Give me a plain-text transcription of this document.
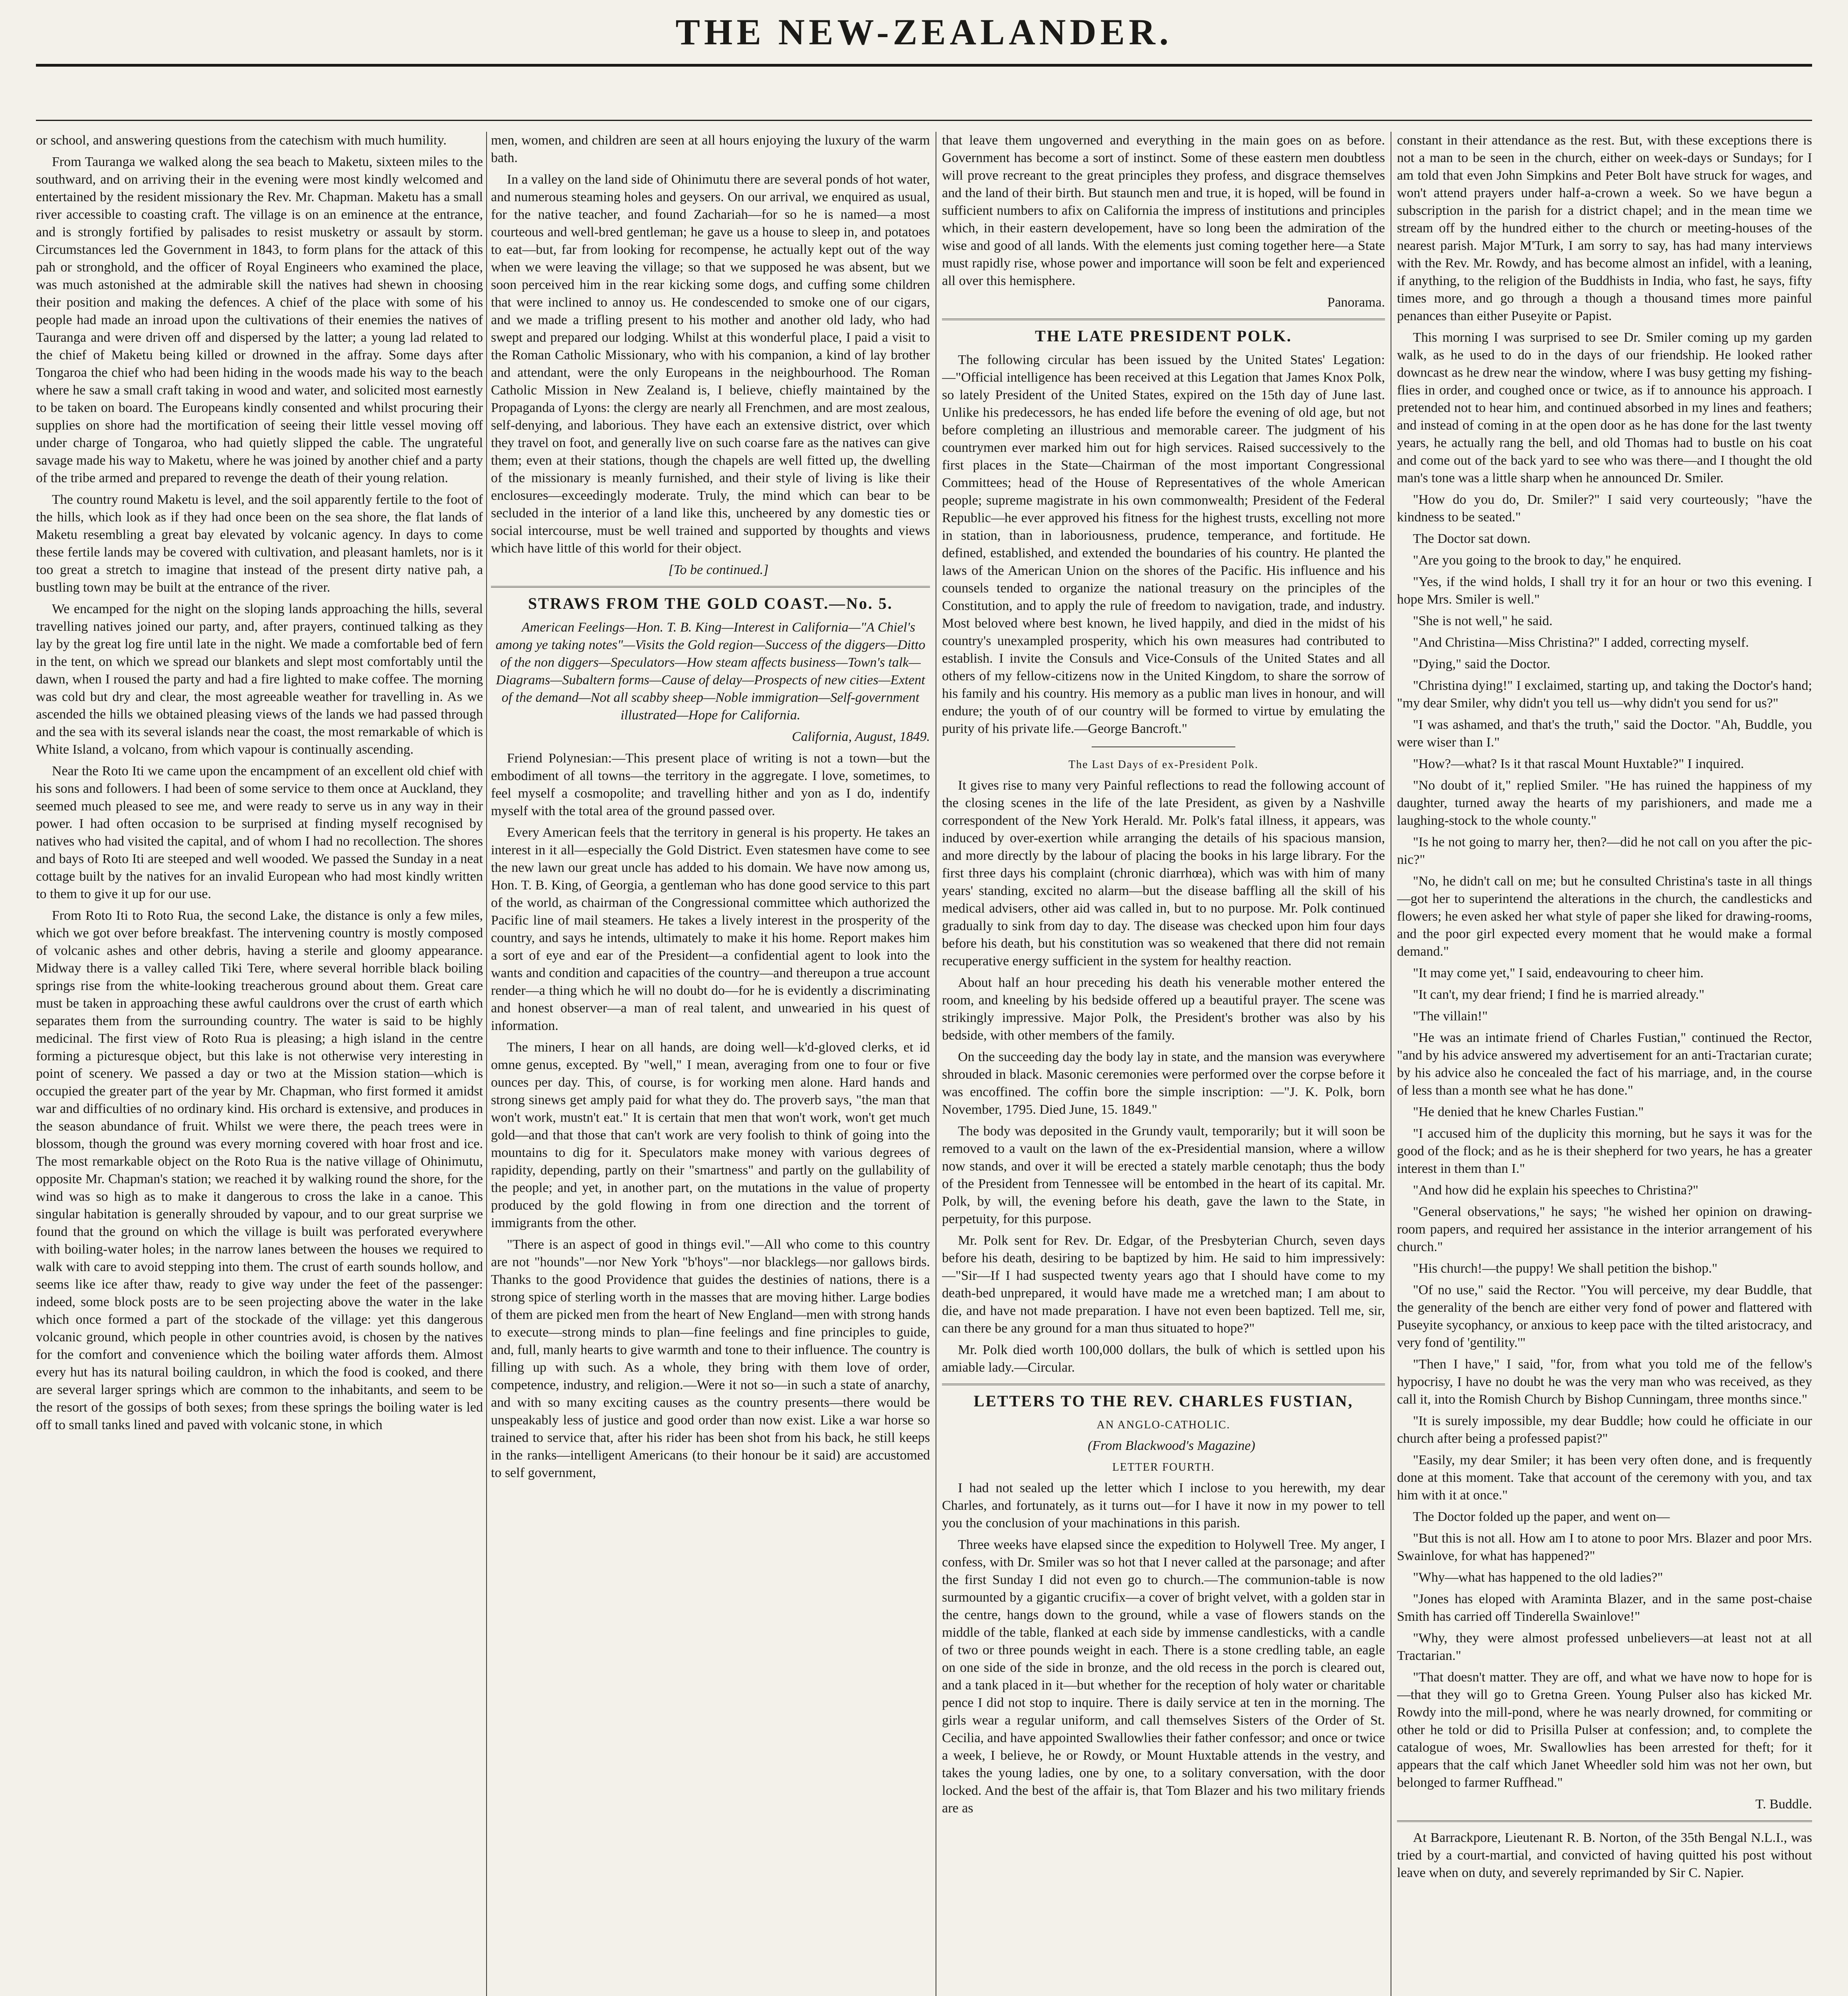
THE NEW-ZEALANDER.

or school, and answering questions from the catechism with much humility.

From Tauranga we walked along the sea beach to Maketu, sixteen miles to the southward, and on arriving their in the evening were most kindly welcomed and entertained by the resident missionary the Rev. Mr. Chapman. Maketu has a small river accessible to coasting craft. The village is on an eminence at the entrance, and is strongly fortified by palisades to resist musketry or assault by storm. Circumstances led the Government in 1843, to form plans for the attack of this pah or stronghold, and the officer of Royal Engineers who examined the place, was much astonished at the admirable skill the natives had shewn in choosing their position and making the defences. A chief of the place with some of his people had made an inroad upon the cultivations of their enemies the natives of Tauranga and were driven off and dispersed by the latter; a young lad related to the chief of Maketu being killed or drowned in the affray. Some days after Tongaroa the chief who had been hiding in the woods made his way to the beach where he saw a small craft taking in wood and water, and solicited most earnestly to be taken on board. The Europeans kindly consented and whilst procuring their supplies on shore had the mortification of seeing their little vessel moving off under charge of Tongaroa, who had quietly slipped the cable. The ungrateful savage made his way to Maketu, where he was joined by another chief and a party of the tribe armed and prepared to revenge the death of their young relation.

The country round Maketu is level, and the soil apparently fertile to the foot of the hills, which look as if they had once been on the sea shore, the flat lands of Maketu resembling a great bay elevated by volcanic agency. In days to come these fertile lands may be covered with cultivation, and pleasant hamlets, nor is it too great a stretch to imagine that instead of the present dirty native pah, a bustling town may be built at the entrance of the river.

We encamped for the night on the sloping lands approaching the hills, several travelling natives joined our party, and, after prayers, continued talking as they lay by the great log fire until late in the night. We made a comfortable bed of fern in the tent, on which we spread our blankets and slept most comfortably until the dawn, when I roused the party and had a fire lighted to make coffee. The morning was cold but dry and clear, the most agreeable weather for travelling in. As we ascended the hills we obtained pleasing views of the lands we had passed through and the sea with its several islands near the coast, the most remarkable of which is White Island, a volcano, from which vapour is continually ascending.

Near the Roto Iti we came upon the encampment of an excellent old chief with his sons and followers. I had been of some service to them once at Auckland, they seemed much pleased to see me, and were ready to serve us in any way in their power. I had often occasion to be surprised at finding myself recognised by natives who had visited the capital, and of whom I had no recollection. The shores and bays of Roto Iti are steeped and well wooded. We passed the Sunday in a neat cottage built by the natives for an invalid European who had most kindly written to them to give it up for our use.

From Roto Iti to Roto Rua, the second Lake, the distance is only a few miles, which we got over before breakfast. The intervening country is mostly composed of volcanic ashes and other debris, having a sterile and gloomy appearance. Midway there is a valley called Tiki Tere, where several horrible black boiling springs rise from the white-looking treacherous ground about them. Great care must be taken in approaching these awful cauldrons over the crust of earth which separates them from the surrounding country. The water is said to be highly medicinal. The first view of Roto Rua is pleasing; a high island in the centre forming a picturesque object, but this lake is not otherwise very interesting in point of scenery. We passed a day or two at the Mission station—which is occupied the greater part of the year by Mr. Chapman, who first formed it amidst war and difficulties of no ordinary kind. His orchard is extensive, and produces in the season abundance of fruit. Whilst we were there, the peach trees were in blossom, though the ground was every morning covered with hoar frost and ice. The most remarkable object on the Roto Rua is the native village of Ohinimutu, opposite Mr. Chapman's station; we reached it by walking round the shore, for the wind was so high as to make it dangerous to cross the lake in a canoe. This singular habitation is generally shrouded by vapour, and to our great surprise we found that the ground on which the village is built was perforated everywhere with boiling-water holes; in the narrow lanes between the houses we required to walk with care to avoid stepping into them. The crust of earth sounds hollow, and seems like ice after thaw, ready to give way under the feet of the passenger: indeed, some block posts are to be seen projecting above the water in the lake which once formed a part of the stockade of the village: yet this dangerous volcanic ground, which people in other countries avoid, is chosen by the natives for the comfort and convenience which the boiling water affords them. Almost every hut has its natural boiling cauldron, in which the food is cooked, and there are several larger springs which are common to the inhabitants, and seem to be the resort of the gossips of both sexes; from these springs the boiling water is led off to small tanks lined and paved with volcanic stone, in which

men, women, and children are seen at all hours enjoying the luxury of the warm bath.

In a valley on the land side of Ohinimutu there are several ponds of hot water, and numerous steaming holes and geysers. On our arrival, we enquired as usual, for the native teacher, and found Zachariah—for so he is named—a most courteous and well-bred gentleman; he gave us a house to sleep in, and potatoes to eat—but, far from looking for recompense, he actually kept out of the way when we were leaving the village; so that we supposed he was absent, but we soon perceived him in the rear kicking some dogs, and cuffing some children that were inclined to annoy us. He condescended to smoke one of our cigars, and we made a trifling present to his mother and another old lady, who had swept and prepared our lodging. Whilst at this wonderful place, I paid a visit to the Roman Catholic Missionary, who with his companion, a kind of lay brother and attendant, were the only Europeans in the neighbourhood. The Roman Catholic Mission in New Zealand is, I believe, chiefly maintained by the Propaganda of Lyons: the clergy are nearly all Frenchmen, and are most zealous, self-denying, and laborious. They have each an extensive district, over which they travel on foot, and generally live on such coarse fare as the natives can give them; even at their stations, though the chapels are well fitted up, the dwelling of the missionary is meanly furnished, and their style of living is like their enclosures—exceedingly moderate. Truly, the mind which can bear to be secluded in the interior of a land like this, uncheered by any domestic ties or social intercourse, must be well trained and supported by thoughts and views which have little of this world for their object.

[To be continued.]

STRAWS FROM THE GOLD COAST.—No. 5.

American Feelings—Hon. T. B. King—Interest in California—"A Chiel's among ye taking notes"—Visits the Gold region—Success of the diggers—Ditto of the non diggers—Speculators—How steam affects business—Town's talk—Diagrams—Subaltern forms—Cause of delay—Prospects of new cities—Extent of the demand—Not all scabby sheep—Noble immigration—Self-government illustrated—Hope for California.

California, August, 1849.

Friend Polynesian:—This present place of writing is not a town—but the embodiment of all towns—the territory in the aggregate. I love, sometimes, to feel myself a cosmopolite; and travelling hither and yon as I do, indentify myself with the total area of the ground passed over.

Every American feels that the territory in general is his property. He takes an interest in it all—especially the Gold District. Even statesmen have come to see the new lawn our great uncle has added to his domain. We have now among us, Hon. T. B. King, of Georgia, a gentleman who has done good service to this part of the world, as chairman of the Congressional committee which authorized the Pacific line of mail steamers. He takes a lively interest in the prosperity of the country, and says he intends, ultimately to make it his home. Report makes him a sort of eye and ear of the President—a confidential agent to look into the wants and condition and capacities of the country—and thereupon a true account render—a thing which he will no doubt do—for he is evidently a discriminating and honest observer—a man of real talent, and unwearied in his quest of information.

The miners, I hear on all hands, are doing well—k'd-gloved clerks, et id omne genus, excepted. By "well," I mean, averaging from one to four or five ounces per day. This, of course, is for working men alone. Hard hands and strong sinews get amply paid for what they do. The proverb says, "the man that won't work, mustn't eat." It is certain that men that won't work, won't get much gold—and that those that can't work are very foolish to think of going into the mountains to dig for it. Speculators make money with various degrees of rapidity, depending, partly on their "smartness" and partly on the gullability of the people; and yet, in another part, on the mutations in the value of property produced by the gold flowing in from one direction and the torrent of immigrants from the other.

"There is an aspect of good in things evil."—All who come to this country are not "hounds"—nor New York "b'hoys"—nor blacklegs—nor gallows birds. Thanks to the good Providence that guides the destinies of nations, there is a strong spice of sterling worth in the masses that are moving hither. Large bodies of them are picked men from the heart of New England—men with strong hands to execute—strong minds to plan—fine feelings and fine principles to guide, and, full, manly hearts to give warmth and tone to their influence. The country is filling up with such. As a whole, they bring with them love of order, competence, industry, and religion.—Were it not so—in such a state of anarchy, and with so many exciting causes as the country presents—there would be unspeakably less of justice and good order than now exist. Like a war horse so trained to service that, after his rider has been shot from his back, he still keeps in the ranks—intelligent Americans (to their honour be it said) are accustomed to self government,

that leave them ungoverned and everything in the main goes on as before. Government has become a sort of instinct. Some of these eastern men doubtless will prove recreant to the great principles they profess, and disgrace themselves and the land of their birth. But staunch men and true, it is hoped, will be found in sufficient numbers to afix on California the impress of institutions and principles which, in their eastern developement, have so long been the admiration of the wise and good of all lands. With the elements just coming together here—a State must rapidly rise, whose power and importance will soon be felt and experienced all over this hemisphere.

Panorama.

THE LATE PRESIDENT POLK.

The following circular has been issued by the United States' Legation:—"Official intelligence has been received at this Legation that James Knox Polk, so lately President of the United States, expired on the 15th day of June last. Unlike his predecessors, he has ended life before the evening of old age, but not before completing an illustrious and memorable career. The judgment of his countrymen ever marked him out for high services. Raised successively to the first places in the State—Chairman of the most important Congressional Committees; head of the House of Representatives of the whole American people; supreme magistrate in his own commonwealth; President of the Federal Republic—he ever approved his fitness for the highest trusts, excelling not more in station, than in laboriousness, prudence, temperance, and fortitude. He defined, established, and extended the boundaries of his country. He planted the laws of the American Union on the shores of the Pacific. His influence and his counsels tended to organize the national treasury on the principles of the Constitution, and to apply the rule of freedom to navigation, trade, and industry. Most beloved where best known, he lived happily, and died in the midst of his country's unexampled prosperity, which his own measures had contributed to establish. I invite the Consuls and Vice-Consuls of the United States and all others of my fellow-citizens now in the United Kingdom, to share the sorrow of his family and his country. His memory as a public man lives in honour, and will endure; the youth of of our country will be formed to virtue by emulating the purity of his private life.—George Bancroft."

The Last Days of ex-President Polk.

It gives rise to many very Painful reflections to read the following account of the closing scenes in the life of the late President, as given by a Nashville correspondent of the New York Herald. Mr. Polk's fatal illness, it appears, was induced by over-exertion while arranging the details of his spacious mansion, and more directly by the labour of placing the books in his large library. For the first three days his complaint (chronic diarrhœa), which was with him of many years' standing, excited no alarm—but the disease baffling all the skill of his medical advisers, other aid was called in, but to no purpose. Mr. Polk continued gradually to sink from day to day. The disease was checked upon him four days before his death, but his constitution was so weakened that there did not remain recuperative energy sufficient in the system for healthy reaction.

About half an hour preceding his death his venerable mother entered the room, and kneeling by his bedside offered up a beautiful prayer. The scene was strikingly impressive. Major Polk, the President's brother was also by his bedside, with other members of the family.

On the succeeding day the body lay in state, and the mansion was everywhere shrouded in black. Masonic ceremonies were performed over the corpse before it was encoffined. The coffin bore the simple inscription: —"J. K. Polk, born November, 1795. Died June, 15. 1849."

The body was deposited in the Grundy vault, temporarily; but it will soon be removed to a vault on the lawn of the ex-Presidential mansion, where a willow now stands, and over it will be erected a stately marble cenotaph; thus the body of the President from Tennessee will be entombed in the heart of its capital. Mr. Polk, by will, the evening before his death, gave the lawn to the State, in perpetuity, for this purpose.

Mr. Polk sent for Rev. Dr. Edgar, of the Presbyterian Church, seven days before his death, desiring to be baptized by him. He said to him impressively:—"Sir—If I had suspected twenty years ago that I should have come to my death-bed unprepared, it would have made me a wretched man; I am about to die, and have not made preparation. I have not even been baptized. Tell me, sir, can there be any ground for a man thus situated to hope?"

Mr. Polk died worth 100,000 dollars, the bulk of which is settled upon his amiable lady.—Circular.

LETTERS TO THE REV. CHARLES FUSTIAN,
AN ANGLO-CATHOLIC.

(From Blackwood's Magazine)

LETTER FOURTH.

I had not sealed up the letter which I inclose to you herewith, my dear Charles, and fortunately, as it turns out—for I have it now in my power to tell you the conclusion of your machinations in this parish.

Three weeks have elapsed since the expedition to Holywell Tree. My anger, I confess, with Dr. Smiler was so hot that I never called at the parsonage; and after the first Sunday I did not even go to church.—The communion-table is now surmounted by a gigantic crucifix—a cover of bright velvet, with a golden star in the centre, hangs down to the ground, while a vase of flowers stands on the middle of the table, flanked at each side by immense candlesticks, with a candle of two or three pounds weight in each. There is a stone credling table, an eagle on one side of the side in bronze, and the old recess in the porch is cleared out, and a tank placed in it—but whether for the reception of holy water or charitable pence I did not stop to inquire. There is daily service at ten in the morning. The girls wear a regular uniform, and call themselves Sisters of the Order of St. Cecilia, and have appointed Swallowlies their father confessor; and once or twice a week, I believe, he or Rowdy, or Mount Huxtable attends in the vestry, and takes the young ladies, one by one, to a solitary conversation, with the door locked. And the best of the affair is, that Tom Blazer and his two military friends are as

constant in their attendance as the rest. But, with these exceptions there is not a man to be seen in the church, either on week-days or Sundays; for I am told that even John Simpkins and Peter Bolt have struck for wages, and won't attend prayers under half-a-crown a week. So we have begun a subscription in the parish for a district chapel; and in the mean time we stream off by the hundred either to the church or meeting-houses of the nearest parish. Major M'Turk, I am sorry to say, has had many interviews with the Rev. Mr. Rowdy, and has become almost an infidel, with a leaning, if anything, to the religion of the Buddhists in India, who fast, he says, fifty times more, and go through a though a thousand times more painful penances than either Puseyite or Papist.

This morning I was surprised to see Dr. Smiler coming up my garden walk, as he used to do in the days of our friendship. He looked rather downcast as he drew near the window, where I was busy getting my fishing-flies in order, and coughed once or twice, as if to announce his approach. I pretended not to hear him, and continued absorbed in my lines and feathers; and instead of coming in at the open door as he has done for the last twenty years, he actually rang the bell, and old Thomas had to bustle on his coat and come out of the back yard to see who was there—and I thought the old man's tone was a little sharp when he announced Dr. Smiler.

"How do you do, Dr. Smiler?" I said very courteously; "have the kindness to be seated."

The Doctor sat down.

"Are you going to the brook to day," he enquired.

"Yes, if the wind holds, I shall try it for an hour or two this evening. I hope Mrs. Smiler is well."

"She is not well," he said.

"And Christina—Miss Christina?" I added, correcting myself.

"Dying," said the Doctor.

"Christina dying!" I exclaimed, starting up, and taking the Doctor's hand; "my dear Smiler, why didn't you tell us—why didn't you send for us?"

"I was ashamed, and that's the truth," said the Doctor. "Ah, Buddle, you were wiser than I."

"How?—what? Is it that rascal Mount Huxtable?" I inquired.

"No doubt of it," replied Smiler. "He has ruined the happiness of my daughter, turned away the hearts of my parishioners, and made me a laughing-stock to the whole county."

"Is he not going to marry her, then?—did he not call on you after the pic-nic?"

"No, he didn't call on me; but he consulted Christina's taste in all things—got her to superintend the alterations in the church, the candlesticks and flowers; he even asked her what style of paper she liked for drawing-rooms, and the poor girl expected every moment that he would make a formal demand."

"It may come yet," I said, endeavouring to cheer him.

"It can't, my dear friend; I find he is married already."

"The villain!"

"He was an intimate friend of Charles Fustian," continued the Rector, "and by his advice answered my advertisement for an anti-Tractarian curate; by his advice also he concealed the fact of his marriage, and, in the course of less than a month see what he has done."

"He denied that he knew Charles Fustian."

"I accused him of the duplicity this morning, but he says it was for the good of the flock; and as he is their shepherd for two years, he has a greater interest in them than I."

"And how did he explain his speeches to Christina?"

"General observations," he says; "he wished her opinion on drawing-room papers, and required her assistance in the interior arrangement of his church."

"His church!—the puppy! We shall petition the bishop."

"Of no use," said the Rector. "You will perceive, my dear Buddle, that the generality of the bench are either very fond of power and flattered with Puseyite sycophancy, or anxious to keep pace with the tilted aristocracy, and very fond of 'gentility.'"

"Then I have," I said, "for, from what you told me of the fellow's hypocrisy, I have no doubt he was the very man who was received, as they call it, into the Romish Church by Bishop Cunningam, three months since."

"It is surely impossible, my dear Buddle; how could he officiate in our church after being a professed papist?"

"Easily, my dear Smiler; it has been very often done, and is frequently done at this moment. Take that account of the ceremony with you, and tax him with it at once."

The Doctor folded up the paper, and went on—

"But this is not all. How am I to atone to poor Mrs. Blazer and poor Mrs. Swainlove, for what has happened?"

"Why—what has happened to the old ladies?"

"Jones has eloped with Araminta Blazer, and in the same post-chaise Smith has carried off Tinderella Swainlove!"

"Why, they were almost professed unbelievers—at least not at all Tractarian."

"That doesn't matter. They are off, and what we have now to hope for is—that they will go to Gretna Green. Young Pulser also has kicked Mr. Rowdy into the mill-pond, where he was nearly drowned, for commiting or other he told or did to Prisilla Pulser at confession; and, to complete the catalogue of woes, Mr. Swallowlies has been arrested for theft; for it appears that the calf which Janet Wheedler sold him was not her own, but belonged to farmer Ruffhead."

T. Buddle.

At Barrackpore, Lieutenant R. B. Norton, of the 35th Bengal N.L.I., was tried by a court-martial, and convicted of having quitted his post without leave when on duty, and severely reprimanded by Sir C. Napier.
